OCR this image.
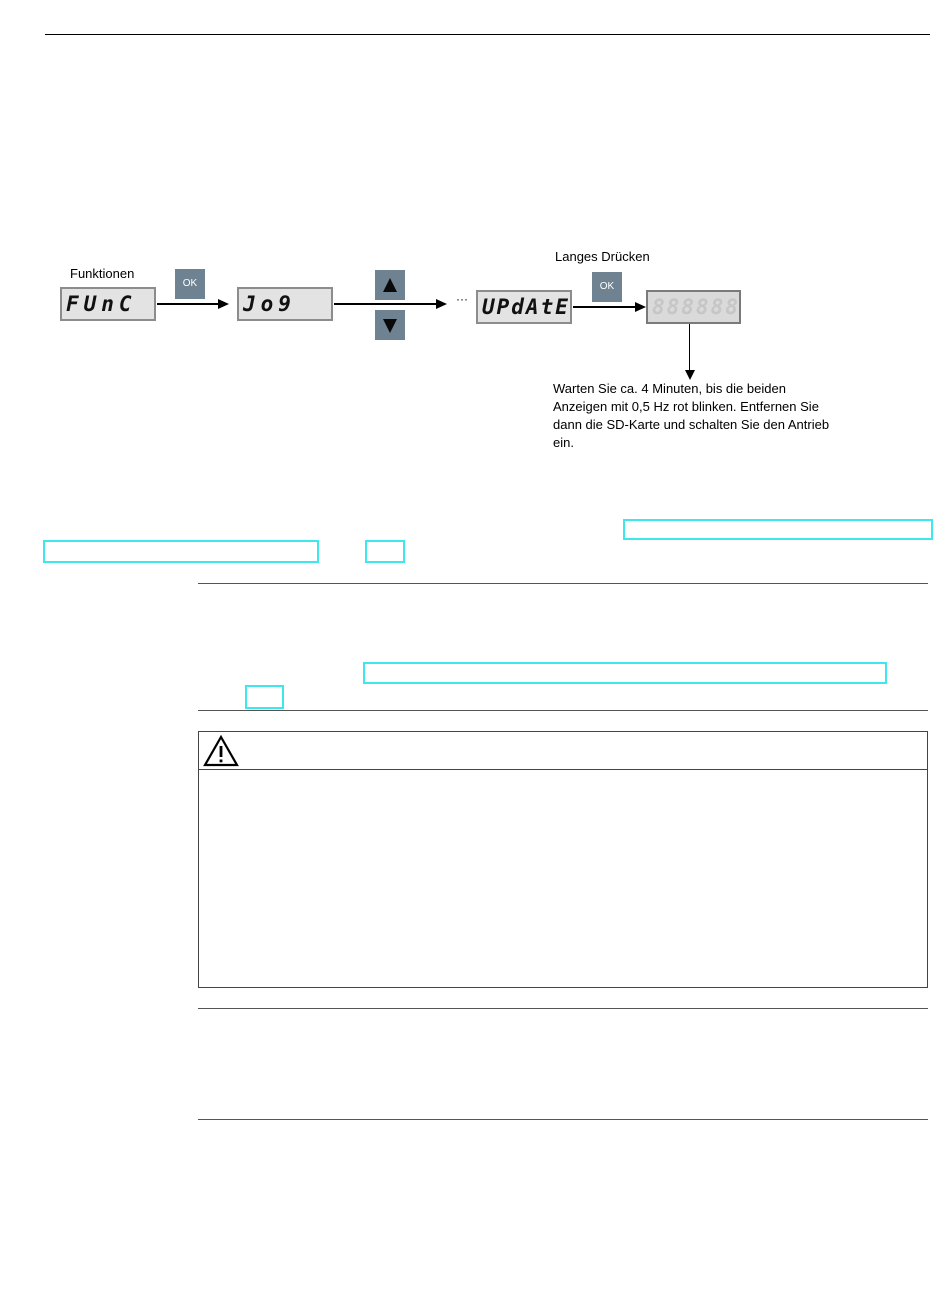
Funktionen
Langes Drücken
FUnC
OK
Jo9	··· UPdAtE
OK
888888
Warten Sie ca. 4 Minuten, bis die beiden Anzeigen mit 0,5 Hz rot blinken. Entfernen Sie dann die SD-Karte und schalten Sie den Antrieb ein.
